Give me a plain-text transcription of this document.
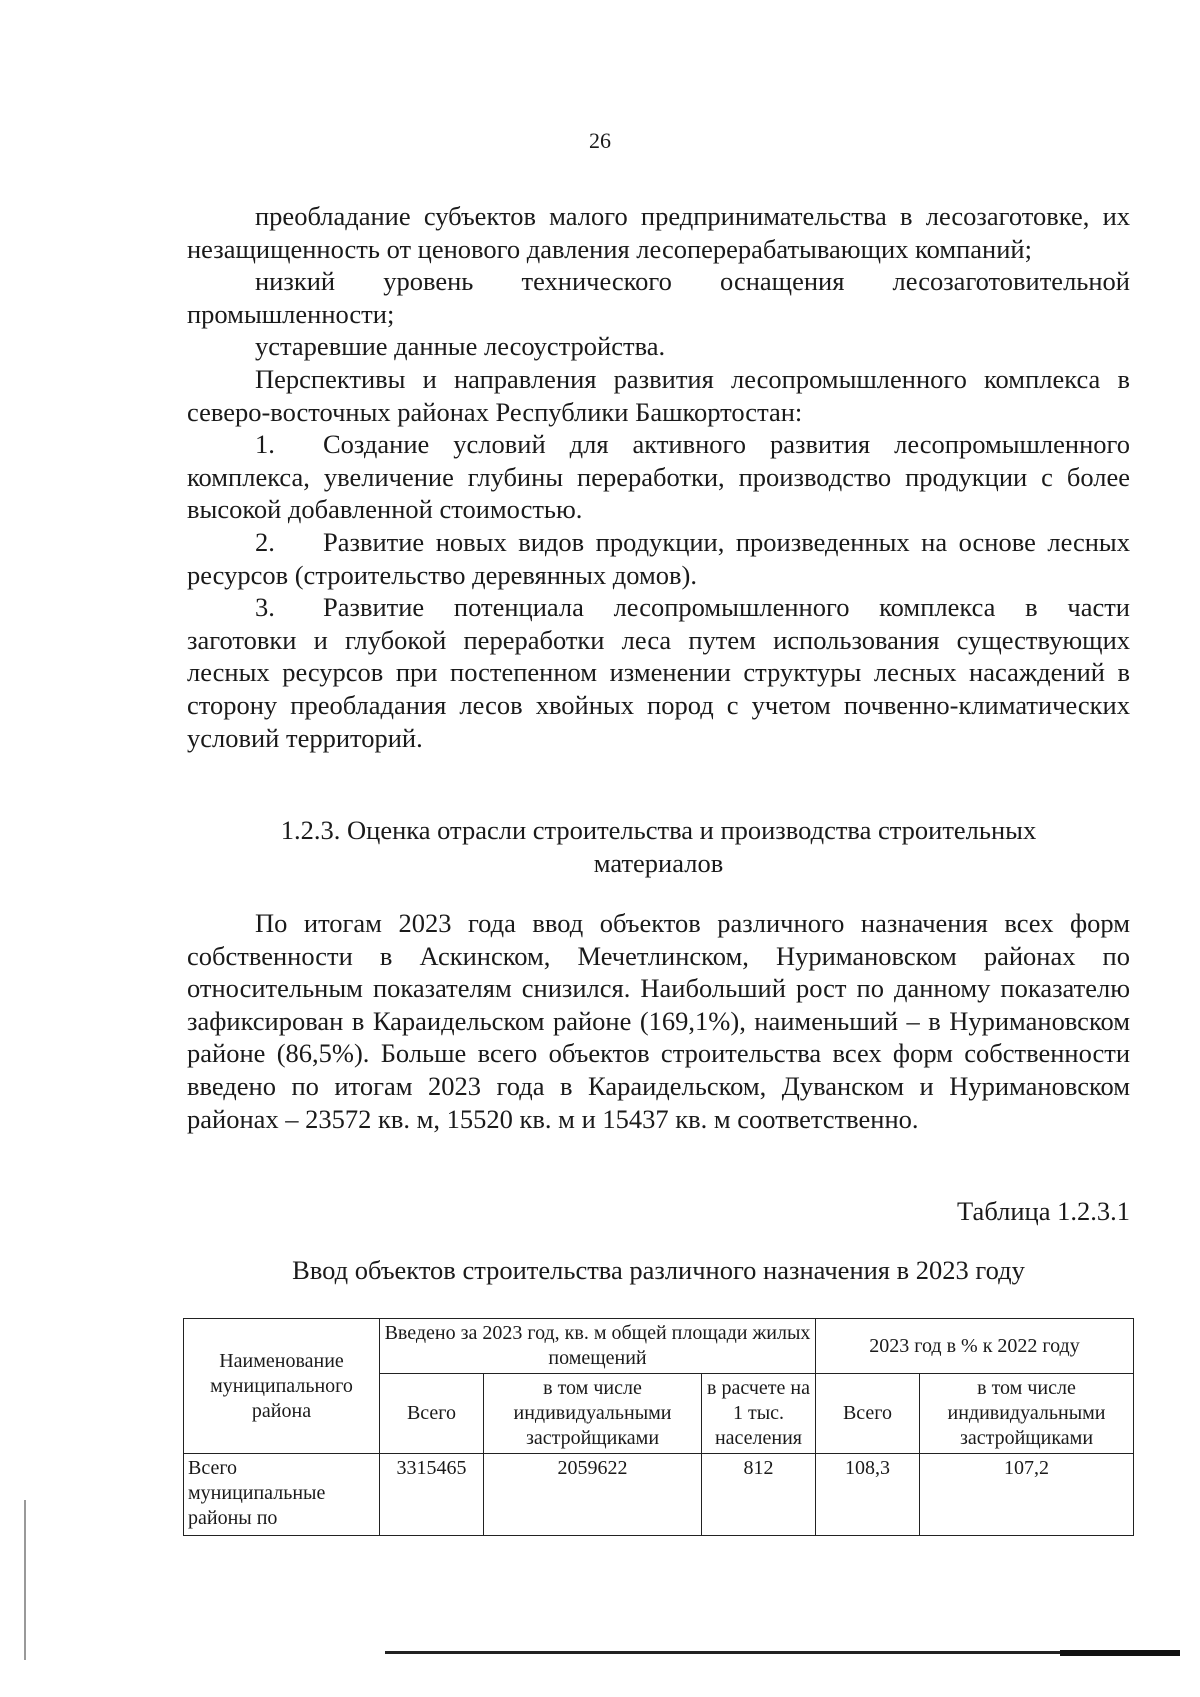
26

преобладание субъектов малого предпринимательства в лесозаготовке, их незащищенность от ценового давления лесоперерабатывающих компаний;

низкий уровень технического оснащения лесозаготовительной промышленности;

устаревшие данные лесоустройства.

Перспективы и направления развития лесопромышленного комплекса в северо-восточных районах Республики Башкортостан:

1. Создание условий для активного развития лесопромышленного комплекса, увеличение глубины переработки, производство продукции с более высокой добавленной стоимостью.
2. Развитие новых видов продукции, произведенных на основе лесных ресурсов (строительство деревянных домов).
3. Развитие потенциала лесопромышленного комплекса в части заготовки и глубокой переработки леса путем использования существующих лесных ресурсов при постепенном изменении структуры лесных насаждений в сторону преобладания лесов хвойных пород с учетом почвенно-климатических условий территорий.
1.2.3. Оценка отрасли строительства и производства строительных
материалов

По итогам 2023 года ввод объектов различного назначения всех форм собственности в Аскинском, Мечетлинском, Нуримановском районах по относительным показателям снизился. Наибольший рост по данному показателю зафиксирован в Караидельском районе (169,1%), наименьший – в Нуримановском районе (86,5%). Больше всего объектов строительства всех форм собственности введено по итогам 2023 года в Караидельском, Дуванском и Нуримановском районах – 23572 кв. м, 15520 кв. м и 15437 кв. м соответственно.

Таблица 1.2.3.1
Ввод объектов строительства различного назначения в 2023 году
Наименование муниципального района	Введено за 2023 год, кв. м общей площади жилых помещений			2023 год в % к 2022 году	
	Всего	в том числе индивидуальными застройщиками	в расчете на 1 тыс. населения	Всего	в том числе индивидуальными застройщиками
Всего муниципальные районы по	3315465	2059622	812	108,3	107,2
